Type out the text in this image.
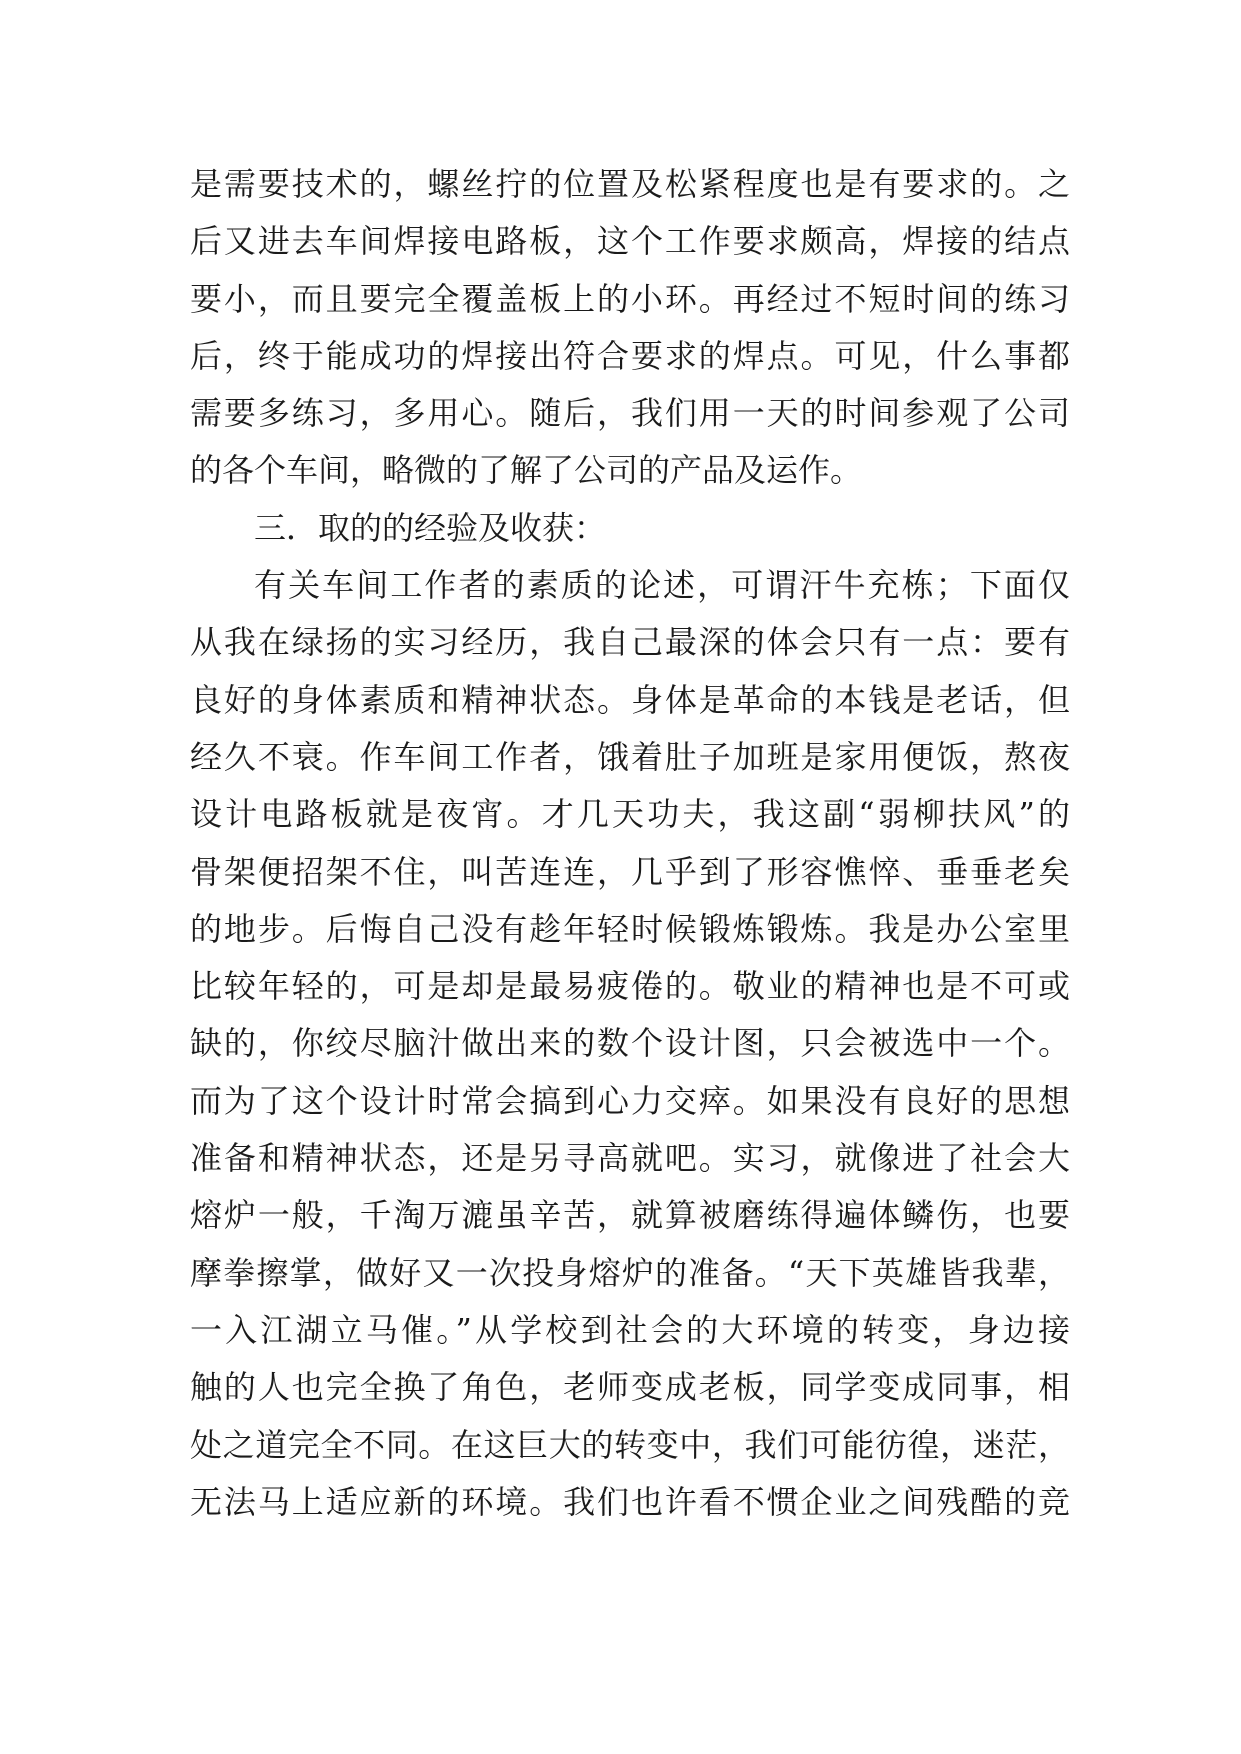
是需要技术的，螺丝拧的位置及松紧程度也是有要求的。之
后又进去车间焊接电路板，这个工作要求颇高，焊接的结点
要小，而且要完全覆盖板上的小环。再经过不短时间的练习
后，终于能成功的焊接出符合要求的焊点。可见，什么事都
需要多练习，多用心。随后，我们用一天的时间参观了公司
的各个车间，略微的了解了公司的产品及运作。
三．取的的经验及收获：
有关车间工作者的素质的论述，可谓汗牛充栋；下面仅
从我在绿扬的实习经历，我自己最深的体会只有一点：要有
良好的身体素质和精神状态。身体是革命的本钱是老话，但
经久不衰。作车间工作者，饿着肚子加班是家用便饭，熬夜
设计电路板就是夜宵。才几天功夫，我这副“弱柳扶风”的
骨架便招架不住，叫苦连连，几乎到了形容憔悴、垂垂老矣
的地步。后悔自己没有趁年轻时候锻炼锻炼。我是办公室里
比较年轻的，可是却是最易疲倦的。敬业的精神也是不可或
缺的，你绞尽脑汁做出来的数个设计图，只会被选中一个。
而为了这个设计时常会搞到心力交瘁。如果没有良好的思想
准备和精神状态，还是另寻高就吧。实习，就像进了社会大
熔炉一般，千淘万漉虽辛苦，就算被磨练得遍体鳞伤，也要
摩拳擦掌，做好又一次投身熔炉的准备。“天下英雄皆我辈，
一入江湖立马催。”从学校到社会的大环境的转变，身边接
触的人也完全换了角色，老师变成老板，同学变成同事，相
处之道完全不同。在这巨大的转变中，我们可能彷徨，迷茫，
无法马上适应新的环境。我们也许看不惯企业之间残酷的竞
